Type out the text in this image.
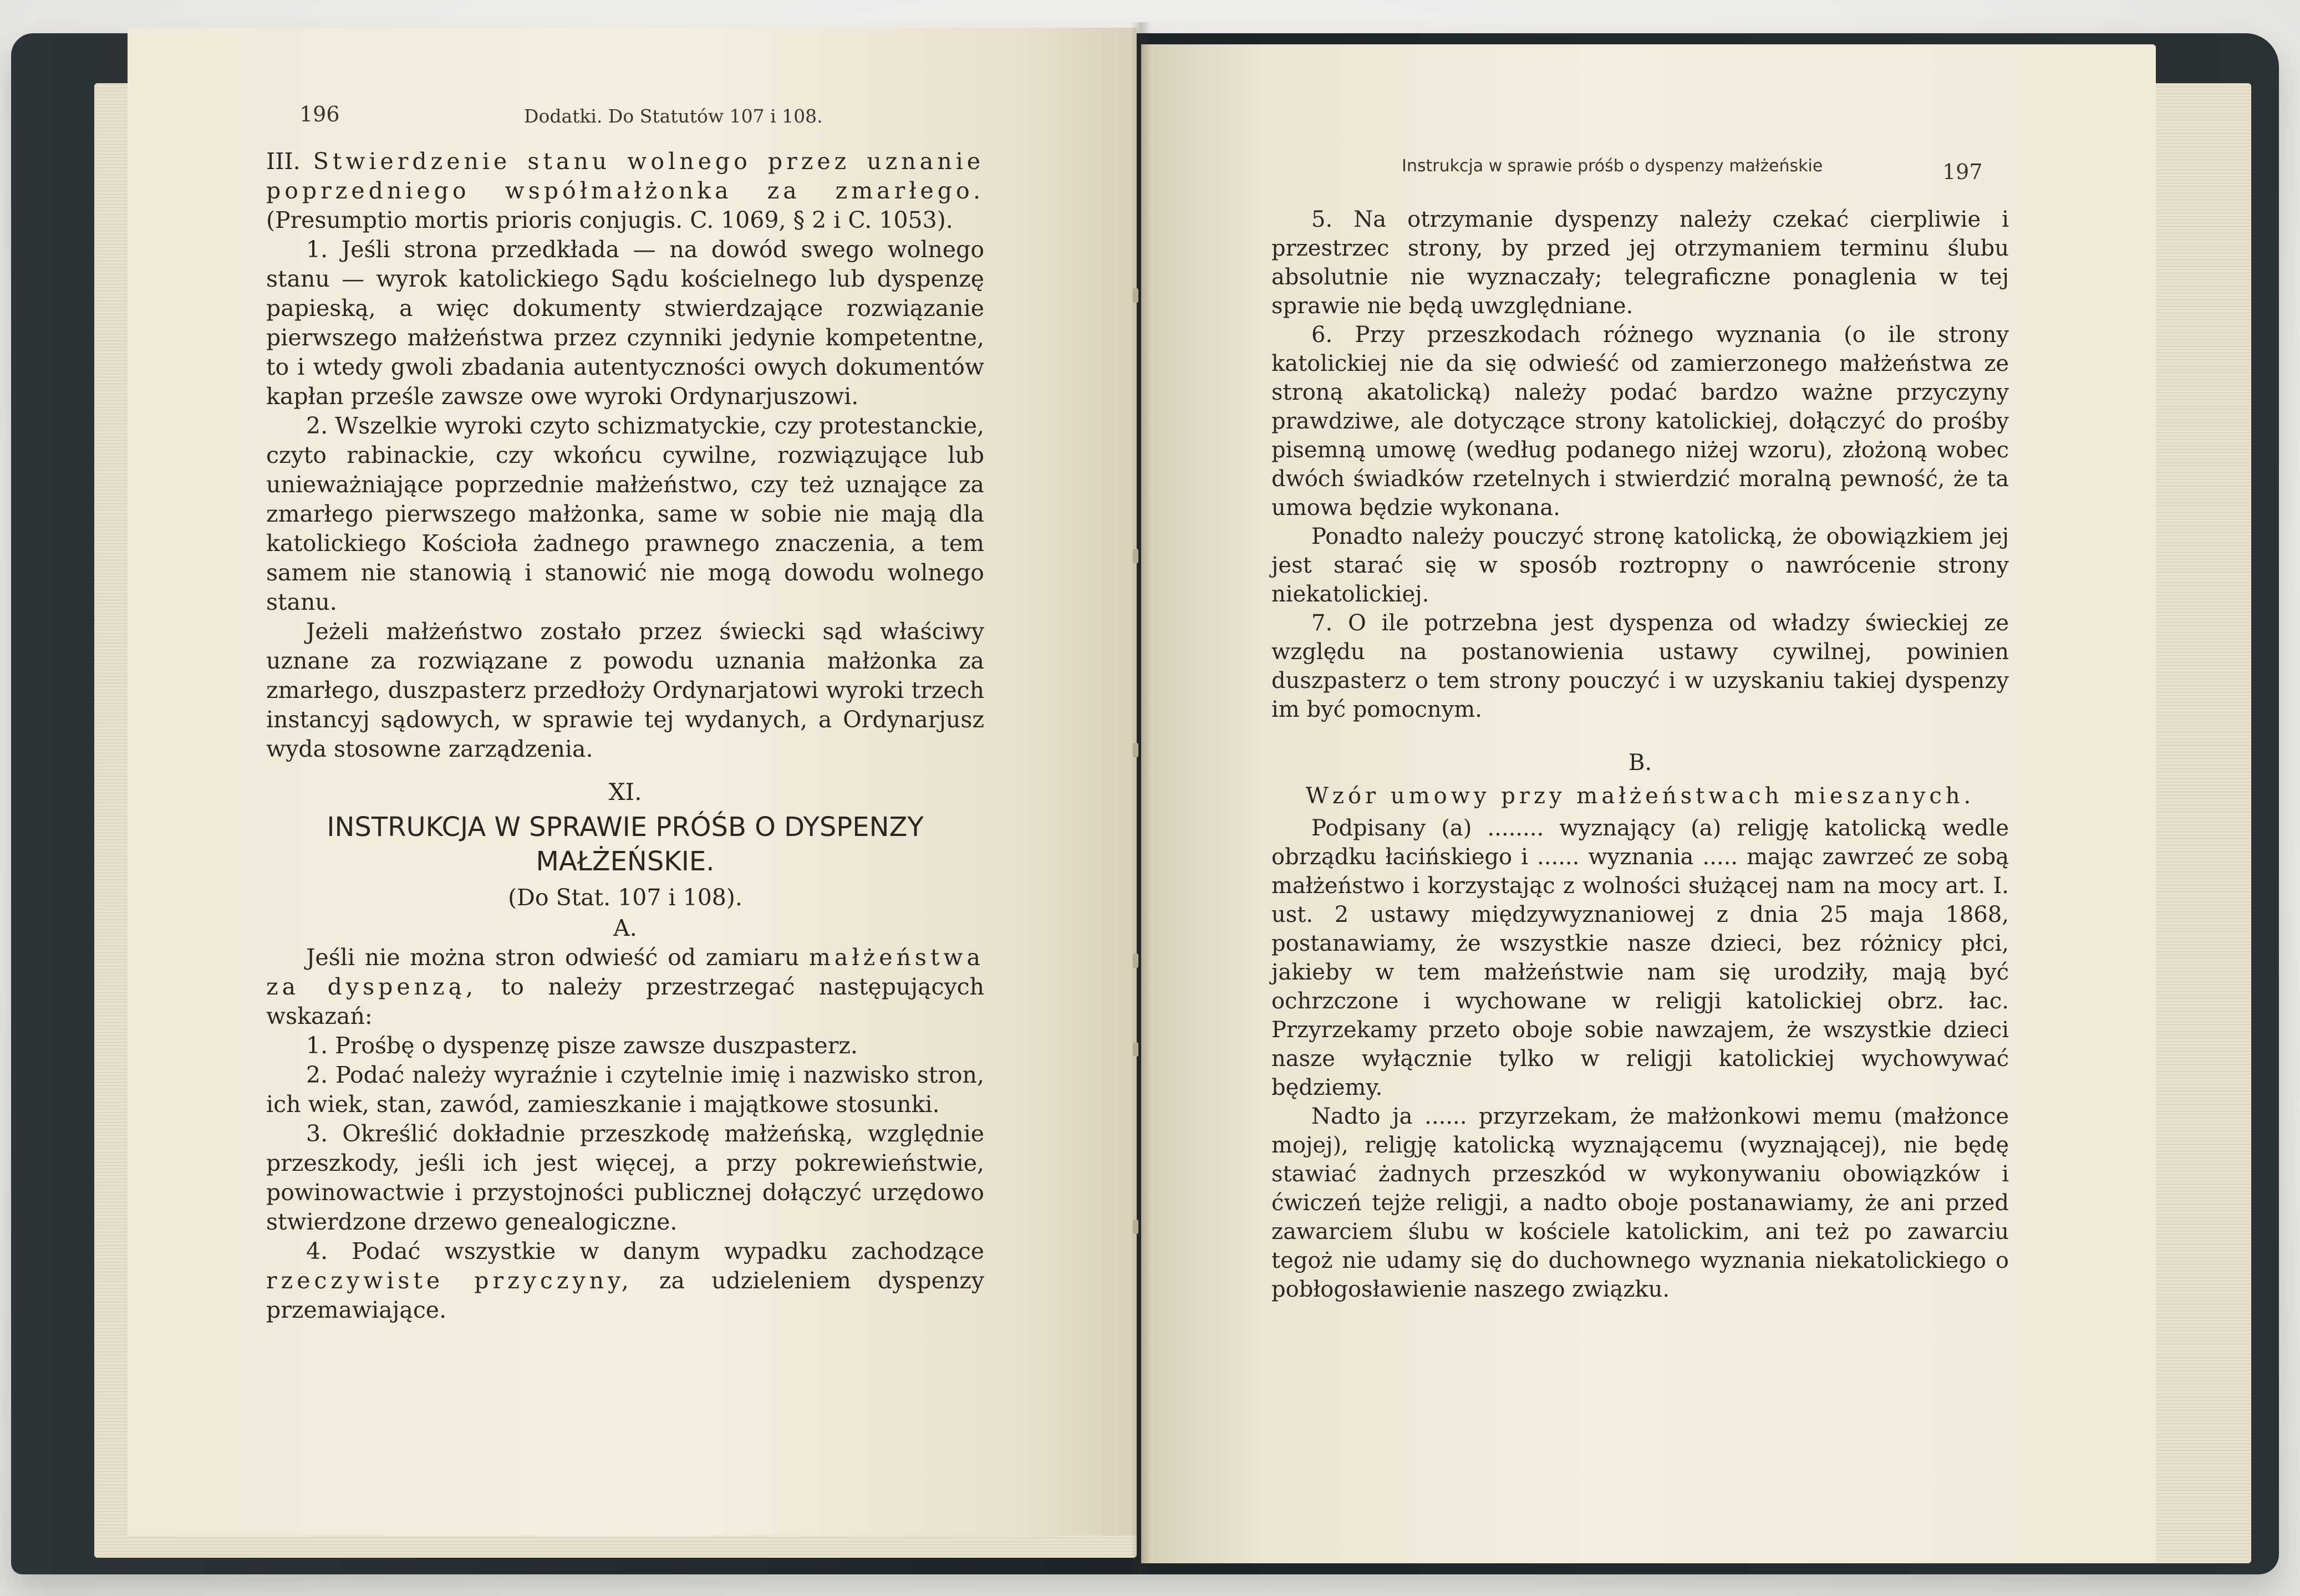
196	Dodatki. Do Statutów 107 i 108.

III. Stwierdzenie stanu wolnego przez uznanie poprzedniego współmałżonka za zmarłego. (Presumptio mortis prioris conjugis. C. 1069, § 2 i C. 1053).

1. Jeśli strona przedkłada — na dowód swego wolnego stanu — wyrok katolickiego Sądu kościelnego lub dyspenzę papieską, a więc dokumenty stwierdzające rozwiązanie pierwszego małżeństwa przez czynniki jedynie kompetentne, to i wtedy gwoli zbadania autentyczności owych dokumentów kapłan prześle zawsze owe wyroki Ordynarjuszowi.

2. Wszelkie wyroki czyto schizmatyckie, czy protestanckie, czyto rabinackie, czy wkońcu cywilne, rozwiązujące lub unieważniające poprzednie małżeństwo, czy też uznające za zmarłego pierwszego małżonka, same w sobie nie mają dla katolickiego Kościoła żadnego prawnego znaczenia, a tem samem nie stanowią i stanowić nie mogą dowodu wolnego stanu.

Jeżeli małżeństwo zostało przez świecki sąd właściwy uznane za rozwiązane z powodu uznania małżonka za zmarłego, duszpasterz przedłoży Ordynarjatowi wyroki trzech instancyj sądowych, w sprawie tej wydanych, a Ordynarjusz wyda stosowne zarządzenia.

XI.
INSTRUKCJA W SPRAWIE PRÓŚB O DYSPENZY MAŁŻEŃSKIE.
(Do Stat. 107 i 108).
A.

Jeśli nie można stron odwieść od zamiaru małżeństwa za dyspenzą, to należy przestrzegać następujących wskazań:

1. Prośbę o dyspenzę pisze zawsze duszpasterz.

2. Podać należy wyraźnie i czytelnie imię i nazwisko stron, ich wiek, stan, zawód, zamieszkanie i majątkowe stosunki.

3. Określić dokładnie przeszkodę małżeńską, względnie przeszkody, jeśli ich jest więcej, a przy pokrewieństwie, powinowactwie i przystojności publicznej dołączyć urzędowo stwierdzone drzewo genealogiczne.

4. Podać wszystkie w danym wypadku zachodzące rzeczywiste przyczyny, za udzieleniem dyspenzy przemawiające.

Instrukcja w sprawie próśb o dyspenzy małżeńskie	197

5. Na otrzymanie dyspenzy należy czekać cierpliwie i przestrzec strony, by przed jej otrzymaniem terminu ślubu absolutnie nie wyznaczały; telegraficzne ponaglenia w tej sprawie nie będą uwzględniane.

6. Przy przeszkodach różnego wyznania (o ile strony katolickiej nie da się odwieść od zamierzonego małżeństwa ze stroną akatolicką) należy podać bardzo ważne przyczyny prawdziwe, ale dotyczące strony katolickiej, dołączyć do prośby pisemną umowę (według podanego niżej wzoru), złożoną wobec dwóch świadków rzetelnych i stwierdzić moralną pewność, że ta umowa będzie wykonana.

Ponadto należy pouczyć stronę katolicką, że obowiązkiem jej jest starać się w sposób roztropny o nawrócenie strony niekatolickiej.

7. O ile potrzebna jest dyspenza od władzy świeckiej ze względu na postanowienia ustawy cywilnej, powinien duszpasterz o tem strony pouczyć i w uzyskaniu takiej dyspenzy im być pomocnym.

B.
Wzór umowy przy małżeństwach mieszanych.

Podpisany (a) ........ wyznający (a) religję katolicką wedle obrządku łacińskiego i ...... wyznania ..... mając zawrzeć ze sobą małżeństwo i korzystając z wolności służącej nam na mocy art. I. ust. 2 ustawy międzywyznaniowej z dnia 25 maja 1868, postanawiamy, że wszystkie nasze dzieci, bez różnicy płci, jakieby w tem małżeństwie nam się urodziły, mają być ochrzczone i wychowane w religji katolickiej obrz. łac. Przyrzekamy przeto oboje sobie nawzajem, że wszystkie dzieci nasze wyłącznie tylko w religji katolickiej wychowywać będziemy.

Nadto ja ...... przyrzekam, że małżonkowi memu (małżonce mojej), religję katolicką wyznającemu (wyznającej), nie będę stawiać żadnych przeszkód w wykonywaniu obowiązków i ćwiczeń tejże religji, a nadto oboje postanawiamy, że ani przed zawarciem ślubu w kościele katolickim, ani też po zawarciu tegoż nie udamy się do duchownego wyznania niekatolickiego o pobłogosławienie naszego związku.
